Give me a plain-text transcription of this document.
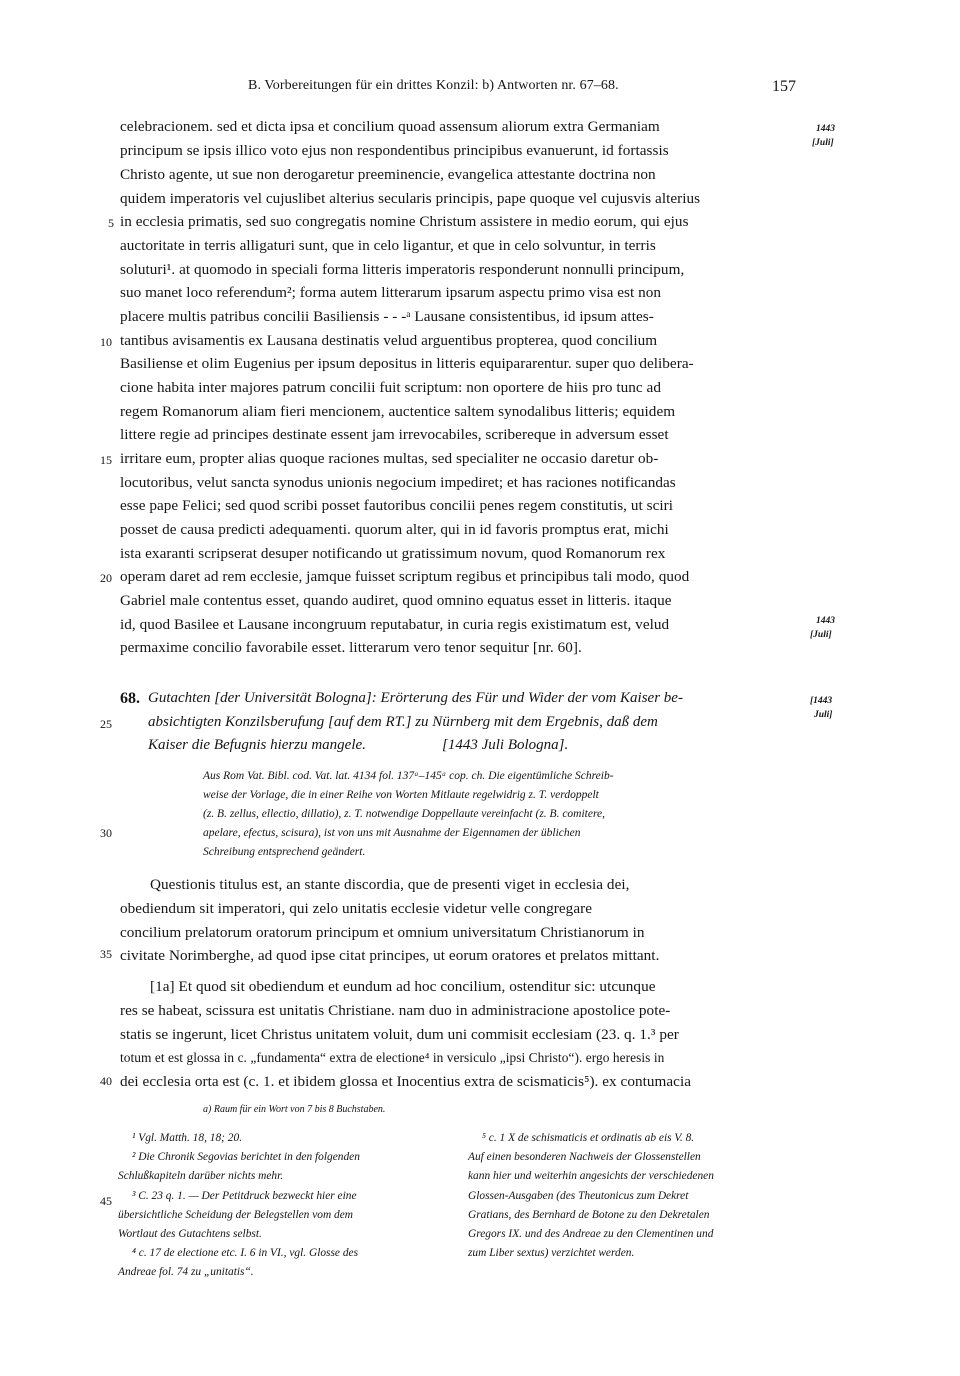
B. Vorbereitungen für ein drittes Konzil: b) Antworten nr. 67–68.	157
celebracionem. sed et dicta ipsa et concilium quoad assensum aliorum extra Germaniam
principum se ipsis illico voto ejus non respondentibus principibus evanuerunt, id fortassis
Christo agente, ut sue non derogaretur preeminencie, evangelica attestante doctrina non
quidem imperatoris vel cujuslibet alterius secularis principis, pape quoque vel cujusvis alterius
in ecclesia primatis, sed suo congregatis nomine Christum assistere in medio eorum, qui ejus
auctoritate in terris alligaturi sunt, que in celo ligantur, et que in celo solvuntur, in terris
soluturi¹. at quomodo in speciali forma litteris imperatoris responderunt nonnulli principum,
suo manet loco referendum²; forma autem litterarum ipsarum aspectu primo visa est non
placere multis patribus concilii Basiliensis - - -ᵃ Lausane consistentibus, id ipsum attes-
tantibus avisamentis ex Lausana destinatis velud arguentibus propterea, quod concilium
Basiliense et olim Eugenius per ipsum depositus in litteris equipararentur. super quo delibera-
cione habita inter majores patrum concilii fuit scriptum: non oportere de hiis pro tunc ad
regem Romanorum aliam fieri mencionem, auctentice saltem synodalibus litteris; equidem
littere regie ad principes destinate essent jam irrevocabiles, scribereque in adversum esset
irritare eum, propter alias quoque raciones multas, sed specialiter ne occasio daretur ob-
locutoribus, velut sancta synodus unionis negocium impediret; et has raciones notificandas
esse pape Felici; sed quod scribi posset fautoribus concilii penes regem constitutis, ut sciri
posset de causa predicti adequamenti. quorum alter, qui in id favoris promptus erat, michi
ista exaranti scripserat desuper notificando ut gratissimum novum, quod Romanorum rex
operam daret ad rem ecclesie, jamque fuisset scriptum regibus et principibus tali modo, quod
Gabriel male contentus esset, quando audiret, quod omnino equatus esset in litteris. itaque
id, quod Basilee et Lausane incongruum reputabatur, in curia regis existimatum est, velud
permaxime concilio favorabile esset. litterarum vero tenor sequitur [nr. 60].
5
10
15
20
25
30
35
40
45
1443
[Juli]
1443
[Juli]
[1443
Juli]
68. Gutachten [der Universität Bologna]: Erörterung des Für und Wider der vom Kaiser be-
absichtigten Konzilsberufung [auf dem RT.] zu Nürnberg mit dem Ergebnis, daß dem
Kaiser die Befugnis hierzu mangele.	[1443 Juli Bologna].
Aus Rom Vat. Bibl. cod. Vat. lat. 4134 fol. 137ᵃ–145ᵃ cop. ch. Die eigentümliche Schreib-
weise der Vorlage, die in einer Reihe von Worten Mitlaute regelwidrig z. T. verdoppelt
(z. B. zellus, ellectio, dillatio), z. T. notwendige Doppellaute vereinfacht (z. B. comitere,
apelare, efectus, scisura), ist von uns mit Ausnahme der Eigennamen der üblichen
Schreibung entsprechend geändert.
Questionis titulus est, an stante discordia, que de presenti viget in ecclesia dei,
obediendum sit imperatori, qui zelo unitatis ecclesie videtur velle congregare
concilium prelatorum oratorum principum et omnium universitatum Christianorum in
civitate Norimberghe, ad quod ipse citat principes, ut eorum oratores et prelatos mittant.
[1a] Et quod sit obediendum et eundum ad hoc concilium, ostenditur sic: utcunque
res se habeat, scissura est unitatis Christiane. nam duo in administracione apostolice pote-
statis se ingerunt, licet Christus unitatem voluit, dum uni commisit ecclesiam (23. q. 1.³ per
totum et est glossa in c. „fundamenta“ extra de electione⁴ in versiculo „ipsi Christo“). ergo heresis in
dei ecclesia orta est (c. 1. et ibidem glossa et Inocentius extra de scismaticis⁵). ex contumacia
a) Raum für ein Wort von 7 bis 8 Buchstaben.
¹ Vgl. Matth. 18, 18; 20.
² Die Chronik Segovias berichtet in den folgenden
Schlußkapiteln darüber nichts mehr.
³ C. 23 q. 1. — Der Petitdruck bezweckt hier eine
übersichtliche Scheidung der Belegstellen vom dem
Wortlaut des Gutachtens selbst.
⁴ c. 17 de electione etc. I. 6 in VI., vgl. Glosse des
Andreae fol. 74 zu „unitatis“.
⁵ c. 1 X de schismaticis et ordinatis ab eis V. 8.
Auf einen besonderen Nachweis der Glossenstellen
kann hier und weiterhin angesichts der verschiedenen
Glossen-Ausgaben (des Theutonicus zum Dekret
Gratians, des Bernhard de Botone zu den Dekretalen
Gregors IX. und des Andreae zu den Clementinen und
zum Liber sextus) verzichtet werden.
